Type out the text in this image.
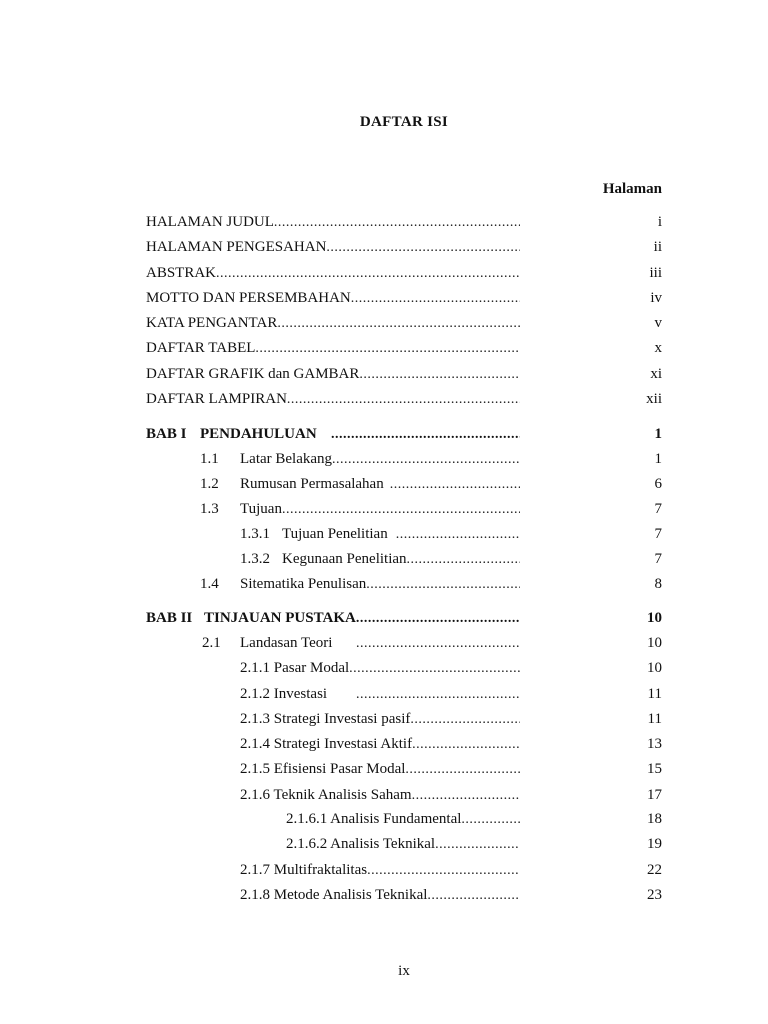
DAFTAR ISI
Halaman
HALAMAN JUDUL .....	i
HALAMAN PENGESAHAN .....	ii
ABSTRAK .....	iii
MOTTO DAN PERSEMBAHAN .....	iv
KATA PENGANTAR .....	v
DAFTAR TABEL .....	x
DAFTAR GRAFIK dan GAMBAR .....	xi
DAFTAR LAMPIRAN .....	xii
BAB I PENDAHULUAN .....	1
1.1	Latar Belakang .....	1
1.2	Rumusan Permasalahan .....	6
1.3	Tujuan .....	7
1.3.1 Tujuan Penelitian .....	7
1.3.2 Kegunaan Penelitian .....	7
1.4	Sitematika Penulisan .....	8
BAB II TINJAUAN PUSTAKA .....	10
2.1	Landasan Teori .....	10
2.1.1 Pasar Modal .....	10
2.1.2 Investasi .....	11
2.1.3 Strategi Investasi pasif .....	11
2.1.4 Strategi Investasi Aktif .....	13
2.1.5 Efisiensi Pasar Modal .....	15
2.1.6 Teknik Analisis Saham .....	17
2.1.6.1 Analisis Fundamental .....	18
2.1.6.2 Analisis Teknikal .....	19
2.1.7 Multifraktalitas .....	22
2.1.8 Metode Analisis Teknikal .....	23
ix
